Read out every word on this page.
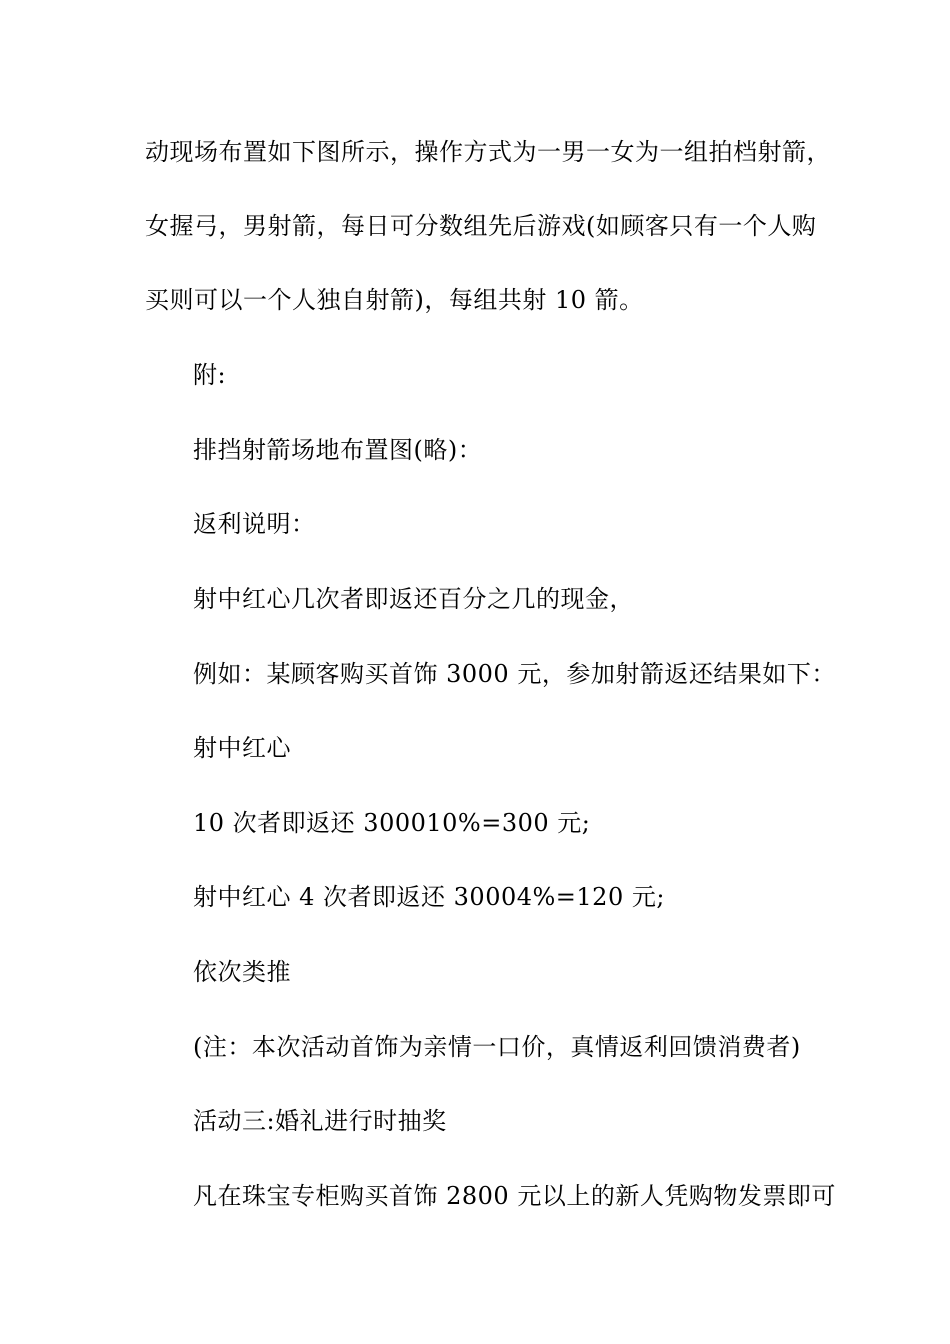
动现场布置如下图所示，操作方式为一男一女为一组拍档射箭，
女握弓，男射箭，每日可分数组先后游戏(如顾客只有一个人购
买则可以一个人独自射箭)，每组共射 10 箭。
附:
排挡射箭场地布置图(略)：
返利说明：
射中红心几次者即返还百分之几的现金，
例如：某顾客购买首饰 3000 元，参加射箭返还结果如下：
射中红心
10 次者即返还 300010%=300 元;
射中红心 4 次者即返还 30004%=120 元;
依次类推
(注：本次活动首饰为亲情一口价，真情返利回馈消费者)
活动三:婚礼进行时抽奖
凡在珠宝专柜购买首饰 2800 元以上的新人凭购物发票即可
